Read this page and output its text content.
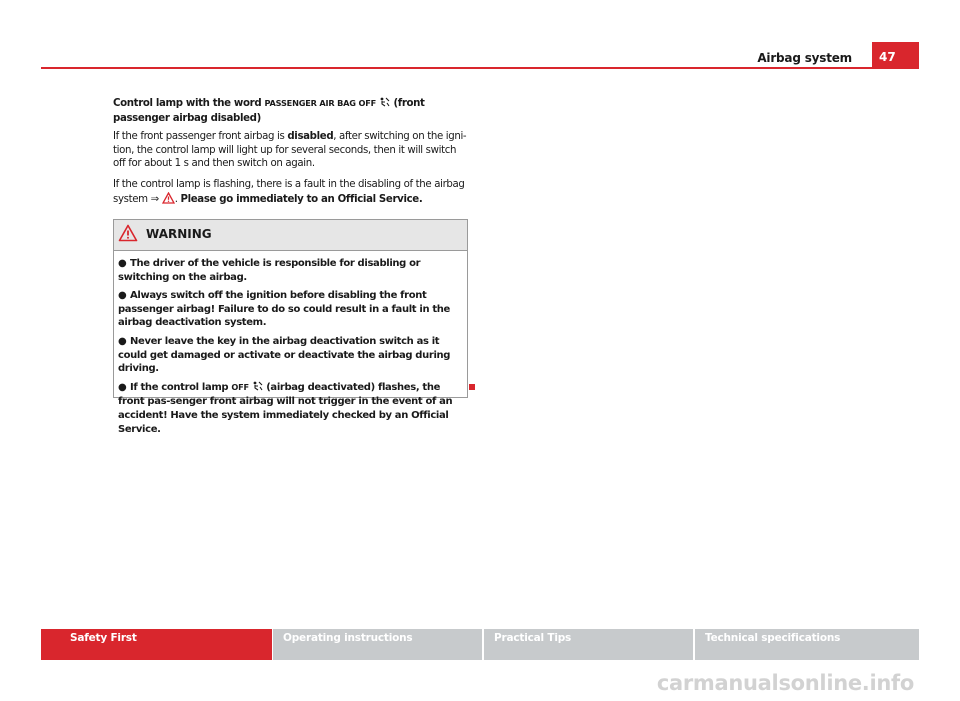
Airbag system	47

Control lamp with the word PASSENGER AIR BAG OFF (front passenger airbag disabled)

If the front passenger front airbag is disabled, after switching on the igni-tion, the control lamp will light up for several seconds, then it will switch off for about 1 s and then switch on again.

If the control lamp is flashing, there is a fault in the disabling of the airbag system ⇒ . Please go immediately to an Official Service.

WARNING
● The driver of the vehicle is responsible for disabling or switching on the airbag.
● Always switch off the ignition before disabling the front passenger airbag! Failure to do so could result in a fault in the airbag deactivation system.
● Never leave the key in the airbag deactivation switch as it could get damaged or activate or deactivate the airbag during driving.
● If the control lamp OFF (airbag deactivated) flashes, the front pas-senger front airbag will not trigger in the event of an accident! Have the system immediately checked by an Official Service.
Safety First	Operating instructions	Practical Tips	Technical specifications
carmanualsonline.info
